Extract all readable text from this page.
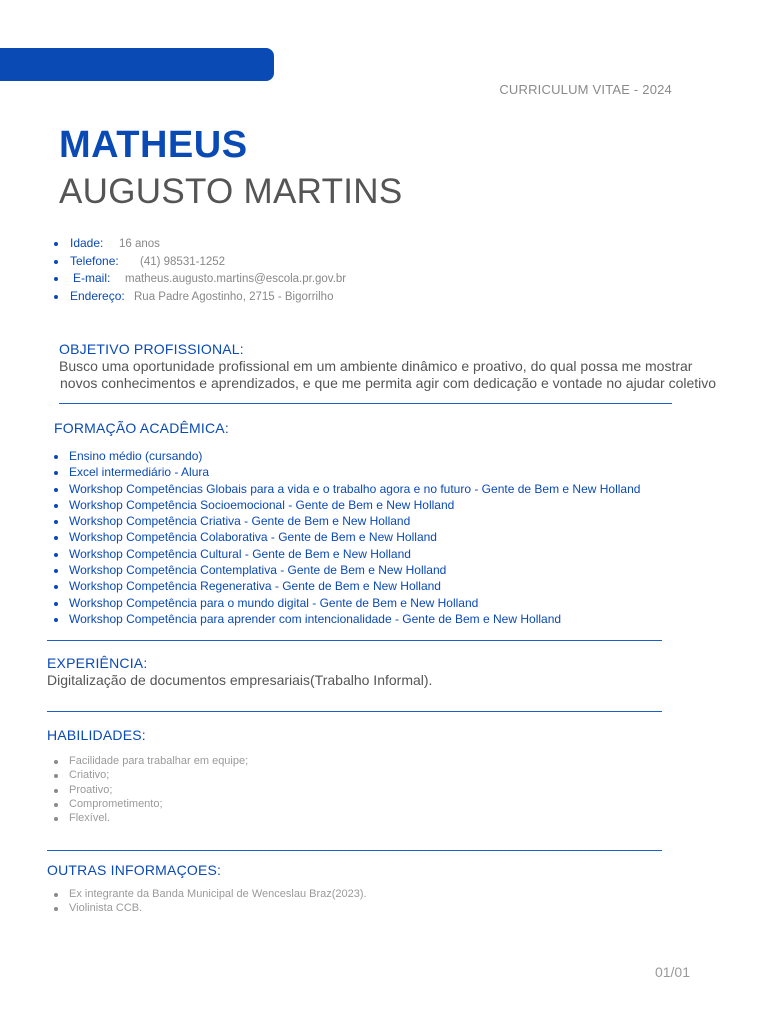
CURRICULUM VITAE - 2024
MATHEUS
AUGUSTO MARTINS
Idade: 16 anos
Telefone: (41) 98531-1252
E-mail: matheus.augusto.martins@escola.pr.gov.br
Endereço: Rua Padre Agostinho, 2715 - Bigorrilho
OBJETIVO PROFISSIONAL:
Busco uma oportunidade profissional em um ambiente dinâmico e proativo, do qual possa me mostrar
novos conhecimentos e aprendizados, e que me permita agir com dedicação e vontade no ajudar coletivo
FORMAÇÃO ACADÊMICA:
Ensino médio (cursando)
Excel intermediário - Alura
Workshop Competências Globais para a vida e o trabalho agora e no futuro - Gente de Bem e New Holland
Workshop Competência Socioemocional - Gente de Bem e New Holland
Workshop Competência Criativa - Gente de Bem e New Holland
Workshop Competência Colaborativa - Gente de Bem e New Holland
Workshop Competência Cultural - Gente de Bem e New Holland
Workshop Competência Contemplativa - Gente de Bem e New Holland
Workshop Competência Regenerativa - Gente de Bem e New Holland
Workshop Competência para o mundo digital - Gente de Bem e New Holland
Workshop Competência para aprender com intencionalidade - Gente de Bem e New Holland
EXPERIÊNCIA:
Digitalização de documentos empresariais(Trabalho Informal).
HABILIDADES:
Facilidade para trabalhar em equipe;
Criativo;
Proativo;
Comprometimento;
Flexível.
OUTRAS INFORMAÇOES:
Ex integrante da Banda Municipal de Wenceslau Braz(2023).
Violinista CCB.
01/01
